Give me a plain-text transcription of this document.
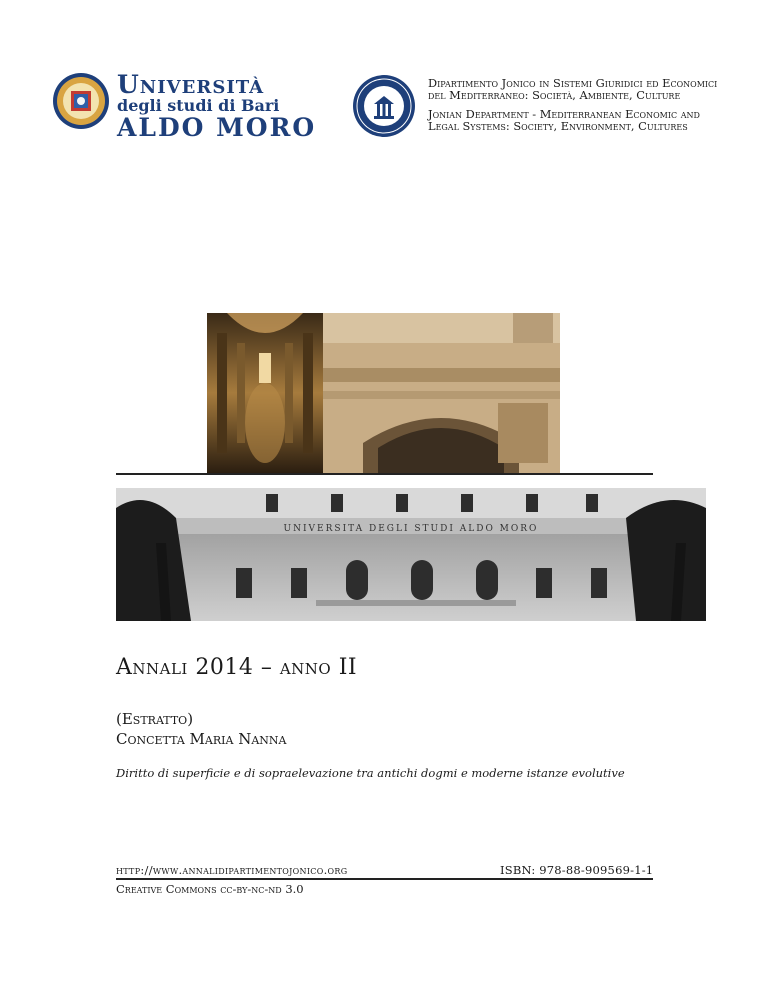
Università
degli studi di Bari
ALDO MORO
Dipartimento Jonico in Sistemi Giuridici ed Economici
del Mediterraneo: Società, Ambiente, Culture
Jonian Department - Mediterranean Economic and
Legal Systems: Society, Environment, Cultures
UNIVERSITA DEGLI STUDI ALDO MORO
Annali 2014 – anno II
(Estratto)
Concetta Maria Nanna
Diritto di superficie e di sopraelevazione tra antichi dogmi e moderne istanze evolutive
http://www.annalidipartimentojonico.org	ISBN: 978-88-909569-1-1
Creative Commons cc-by-nc-nd 3.0
